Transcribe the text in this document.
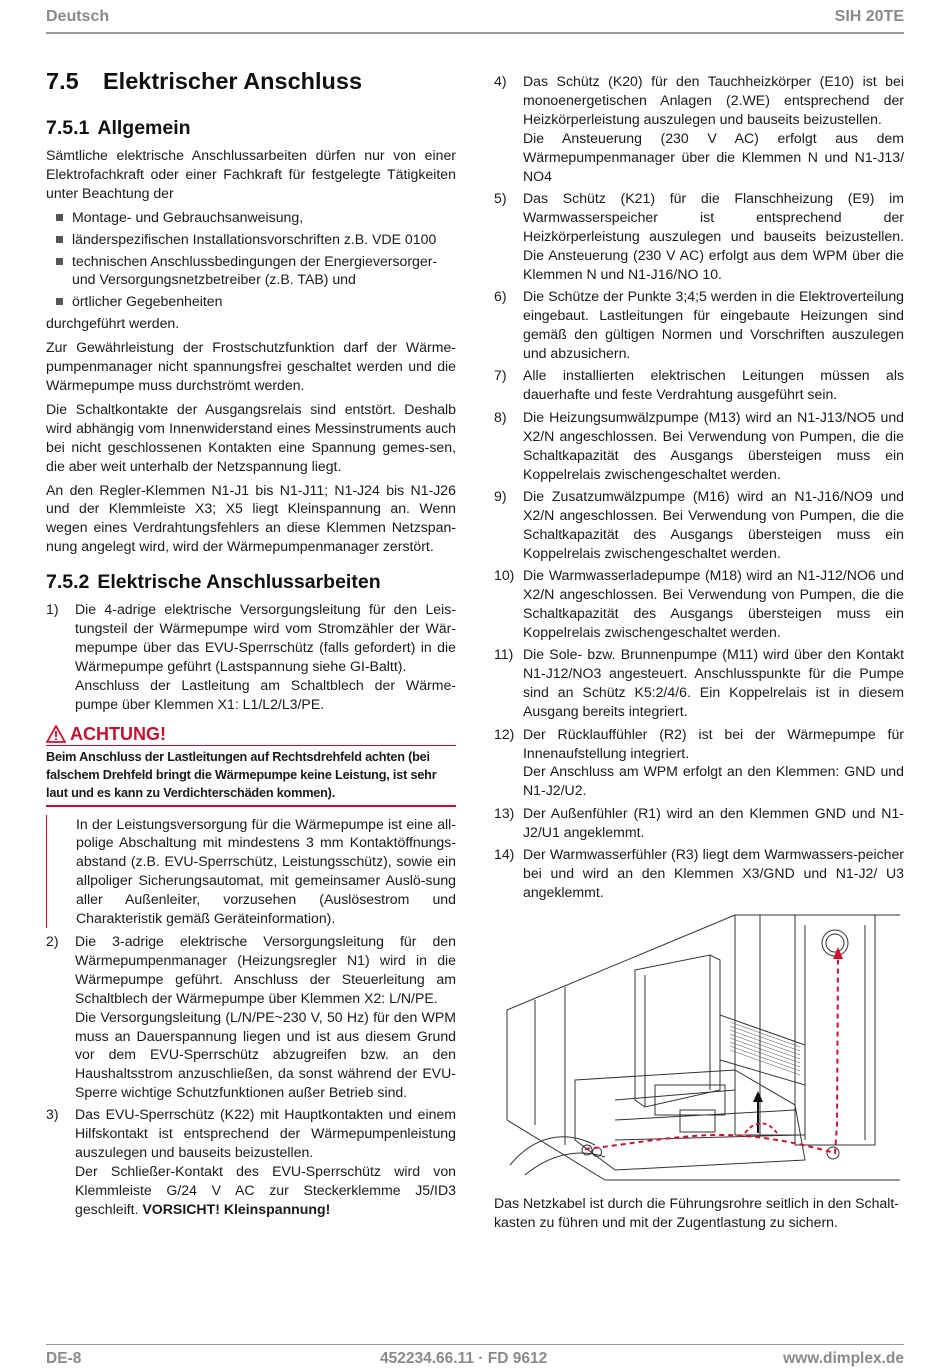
Deutsch	SIH 20TE
7.5 Elektrischer Anschluss
7.5.1 Allgemein

Sämtliche elektrische Anschlussarbeiten dürfen nur von einer Elektrofachkraft oder einer Fachkraft für festgelegte Tätigkeiten unter Beachtung der

Montage- und Gebrauchsanweisung,
länderspezifischen Installationsvorschriften z.B. VDE 0100
technischen Anschlussbedingungen der Energieversorger- und Versorgungsnetzbetreiber (z.B. TAB) und
örtlicher Gegebenheiten

durchgeführt werden.

Zur Gewährleistung der Frostschutzfunktion darf der Wärme-pumpenmanager nicht spannungsfrei geschaltet werden und die Wärmepumpe muss durchströmt werden.

Die Schaltkontakte der Ausgangsrelais sind entstört. Deshalb wird abhängig vom Innenwiderstand eines Messinstruments auch bei nicht geschlossenen Kontakten eine Spannung gemes-sen, die aber weit unterhalb der Netzspannung liegt.

An den Regler-Klemmen N1-J1 bis N1-J11; N1-J24 bis N1-J26 und der Klemmleiste X3; X5 liegt Kleinspannung an. Wenn wegen eines Verdrahtungsfehlers an diese Klemmen Netzspan-nung angelegt wird, wird der Wärmepumpenmanager zerstört.

7.5.2 Elektrische Anschlussarbeiten
1) Die 4-adrige elektrische Versorgungsleitung für den Leis-tungsteil der Wärmepumpe wird vom Stromzähler der Wär-mepumpe über das EVU-Sperrschütz (falls gefordert) in die Wärmepumpe geführt (Lastspannung siehe GI-Baltt).
Anschluss der Lastleitung am Schaltblech der Wärme-pumpe über Klemmen X1: L1/L2/L3/PE.
ACHTUNG!
Beim Anschluss der Lastleitungen auf Rechtsdrehfeld achten (bei falschem Drehfeld bringt die Wärmepumpe keine Leistung, ist sehr laut und es kann zu Verdichterschäden kommen).

In der Leistungsversorgung für die Wärmepumpe ist eine all-polige Abschaltung mit mindestens 3 mm Kontaktöffnungs-abstand (z.B. EVU-Sperrschütz, Leistungsschütz), sowie ein allpoliger Sicherungsautomat, mit gemeinsamer Auslö-sung aller Außenleiter, vorzusehen (Auslösestrom und Charakteristik gemäß Geräteinformation).

2) Die 3-adrige elektrische Versorgungsleitung für den Wärmepumpenmanager (Heizungsregler N1) wird in die Wärmepumpe geführt. Anschluss der Steuerleitung am Schaltblech der Wärmepumpe über Klemmen X2: L/N/PE.
Die Versorgungsleitung (L/N/PE~230 V, 50 Hz) für den WPM muss an Dauerspannung liegen und ist aus diesem Grund vor dem EVU-Sperrschütz abzugreifen bzw. an den Haushaltsstrom anzuschließen, da sonst während der EVU-Sperre wichtige Schutzfunktionen außer Betrieb sind.
3) Das EVU-Sperrschütz (K22) mit Hauptkontakten und einem Hilfskontakt ist entsprechend der Wärmepumpenleistung auszulegen und bauseits beizustellen.
Der Schließer-Kontakt des EVU-Sperrschütz wird von Klemmleiste G/24 V AC zur Steckerklemme J5/ID3 geschleift. VORSICHT! Kleinspannung!
4) Das Schütz (K20) für den Tauchheizkörper (E10) ist bei monoenergetischen Anlagen (2.WE) entsprechend der Heizkörperleistung auszulegen und bauseits beizustellen.
Die Ansteuerung (230 V AC) erfolgt aus dem Wärmepumpenmanager über die Klemmen N und N1-J13/ NO4
5) Das Schütz (K21) für die Flanschheizung (E9) im Warmwasserspeicher ist entsprechend der Heizkörperleistung auszulegen und bauseits beizustellen. Die Ansteuerung (230 V AC) erfolgt aus dem WPM über die Klemmen N und N1-J16/NO 10.
6) Die Schütze der Punkte 3;4;5 werden in die Elektroverteilung eingebaut. Lastleitungen für eingebaute Heizungen sind gemäß den gültigen Normen und Vorschriften auszulegen und abzusichern.
7) Alle installierten elektrischen Leitungen müssen als dauerhafte und feste Verdrahtung ausgeführt sein.
8) Die Heizungsumwälzpumpe (M13) wird an N1-J13/NO5 und X2/N angeschlossen. Bei Verwendung von Pumpen, die die Schaltkapazität des Ausgangs übersteigen muss ein Koppelrelais zwischengeschaltet werden.
9) Die Zusatzumwälzpumpe (M16) wird an N1-J16/NO9 und X2/N angeschlossen. Bei Verwendung von Pumpen, die die Schaltkapazität des Ausgangs übersteigen muss ein Koppelrelais zwischengeschaltet werden.
10) Die Warmwasserladepumpe (M18) wird an N1-J12/NO6 und X2/N angeschlossen. Bei Verwendung von Pumpen, die die Schaltkapazität des Ausgangs übersteigen muss ein Koppelrelais zwischengeschaltet werden.
11) Die Sole- bzw. Brunnenpumpe (M11) wird über den Kontakt N1-J12/NO3 angesteuert. Anschlusspunkte für die Pumpe sind an Schütz K5:2/4/6. Ein Koppelrelais ist in diesem Ausgang bereits integriert.
12) Der Rücklauffühler (R2) ist bei der Wärmepumpe für Innenaufstellung integriert.
Der Anschluss am WPM erfolgt an den Klemmen: GND und N1-J2/U2.
13) Der Außenfühler (R1) wird an den Klemmen GND und N1-J2/U1 angeklemmt.
14) Der Warmwasserfühler (R3) liegt dem Warmwassers-peicher bei und wird an den Klemmen X3/GND und N1-J2/ U3 angeklemmt.
Das Netzkabel ist durch die Führungsrohre seitlich in den Schalt-kasten zu führen und mit der Zugentlastung zu sichern.
DE-8	452234.66.11 · FD 9612	www.dimplex.de
